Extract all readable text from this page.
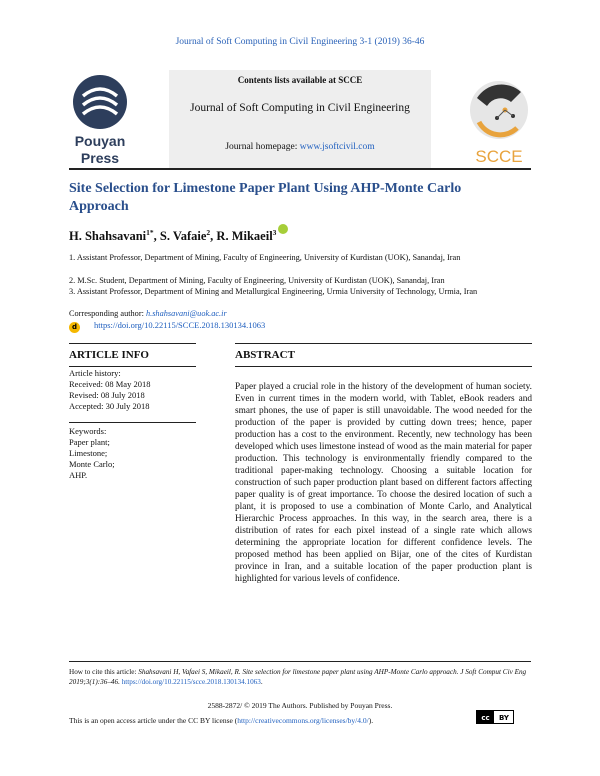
Journal of Soft Computing in Civil Engineering 3-1 (2019) 36-46
Pouyan
Press
Contents lists available at SCCE
Journal of Soft Computing in Civil Engineering
Journal homepage: www.jsoftcivil.com	SCCE
Site Selection for Limestone Paper Plant Using AHP-Monte Carlo
Approach
H. Shahsavani$^{1*}$, S. Vafaie$^2$, R. Mikaeil$^3$
1. Assistant Professor, Department of Mining, Faculty of Engineering, University of Kurdistan (UOK), Sanandaj, Iran
2. M.Sc. Student, Department of Mining, Faculty of Engineering, University of Kurdistan (UOK), Sanandaj, Iran
3. Assistant Professor, Department of Mining and Metallurgical Engineering, Urmia University of Technology, Urmia, Iran
Corresponding author: h.shahsavani@uok.ac.ir
d https://doi.org/10.22115/SCCE.2018.130134.1063
ARTICLE INFO	ABSTRACT
Article history:
Received: 08 May 2018
Revised: 08 July 2018
Accepted: 30 July 2018
Keywords:
Paper plant;
Limestone;
Monte Carlo;
AHP.
Paper played a crucial role in the history of the development of human society. Even in current times in the modern world, with Tablet, eBook readers and smart phones, the use of paper is still unavoidable. The wood needed for the production of the paper is provided by cutting down trees; hence, paper production has a cost to the environment. Recently, new technology has been developed which uses limestone instead of wood as the main material for paper production. This technology is environmentally friendly compared to the traditional paper-making technology. Choosing a suitable location for construction of such paper production plant based on different factors affecting paper quality is of great importance. To choose the desired location of such a plant, it is proposed to use a combination of Monte Carlo, and Analytical Hierarchic Process approaches. In this way, in the search area, there is a distribution of rates for each pixel instead of a single rate which allows determining the appropriate location for different confidence levels. The proposed method has been applied on Bijar, one of the cites of Kurdistan province in Iran, and a suitable location of the paper production plant is highlighted for various levels of confidence.
How to cite this article: Shahsavani H, Vafaei S, Mikaeil, R. Site selection for limestone paper plant using AHP-Monte Carlo approach. J Soft Comput Civ Eng 2019;3(1):36–46. https://doi.org/10.22115/scce.2018.130134.1063.
2588-2872/ © 2019 The Authors. Published by Pouyan Press.
This is an open access article under the CC BY license (http://creativecommons.org/licenses/by/4.0/).	cc BY
